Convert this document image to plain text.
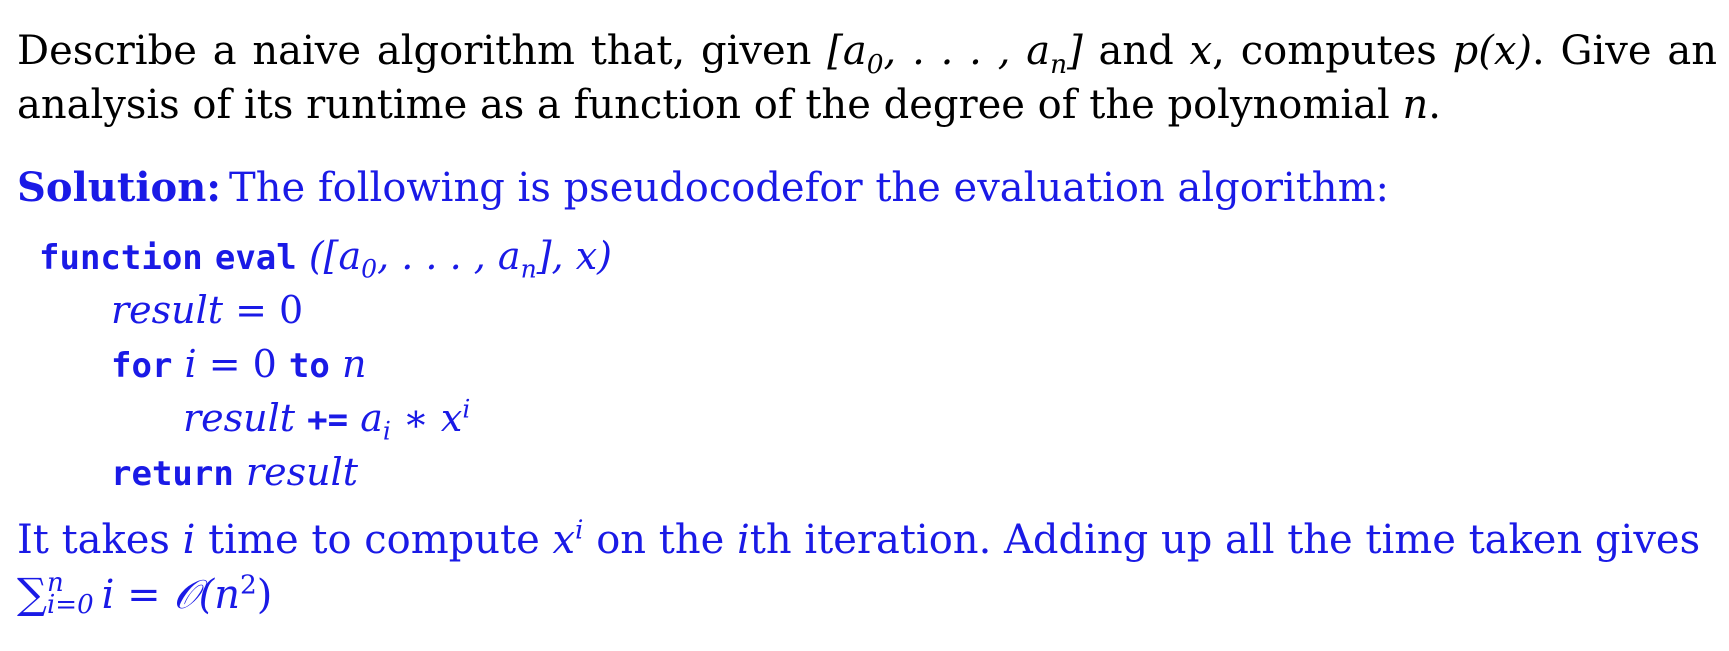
Describe a naive algorithm that, given [$a_0$, . . . , $a_n$] and x, computes p(x). Give an analysis of its runtime as a function of the degree of the polynomial n.

Solution: The following is pseudocodefor the evaluation algorithm:
function eval ([$a_0$, . . . , $a_n$], x)
result = 0
for i = 0 to n
result += $a_i$ ∗ $x^i$
return result
It takes i time to compute $x^i$ on the ith iteration. Adding up all the time taken gives
∑ n
i=0 $i = 𝒪(n^2)$
